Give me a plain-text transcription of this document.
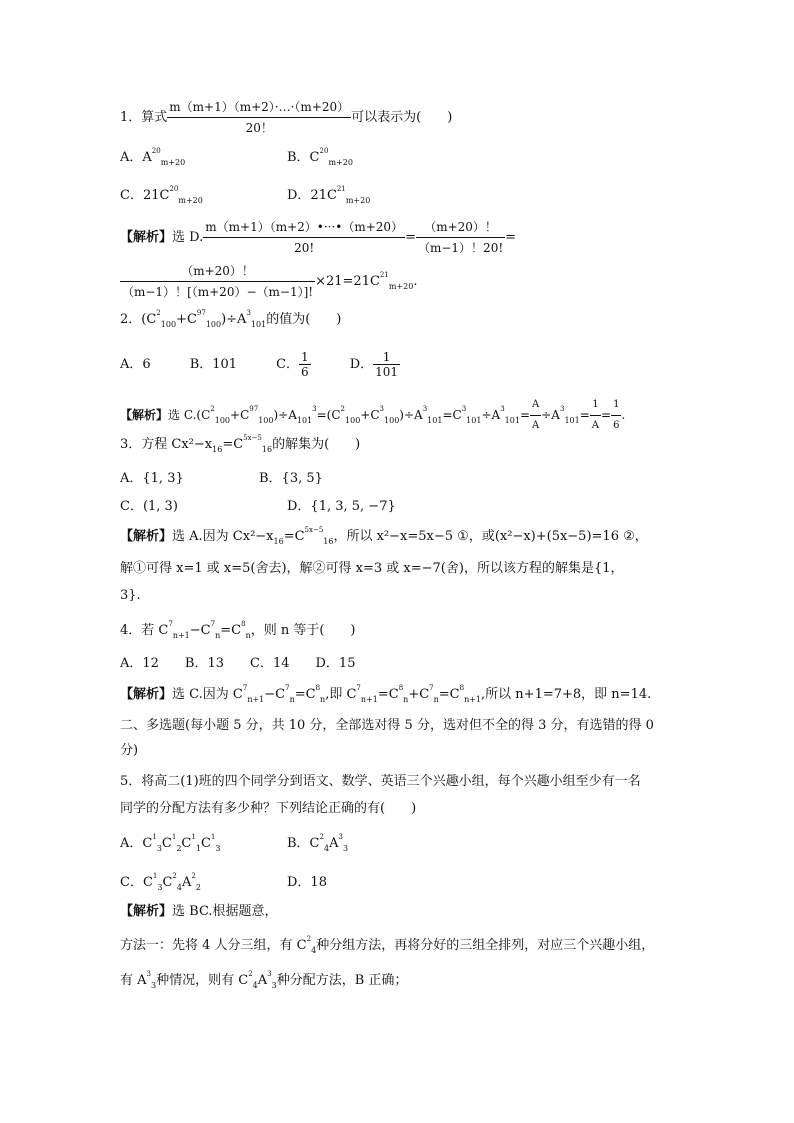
1．算式 $\frac{m(m+1)(m+2)\cdot\dots\cdot(m+20)}{20!}$ 可以表示为(　　)
A．$A^{20}_{m+20}$	B．$C^{20}_{m+20}$
C．$21C^{20}_{m+20}$	D．$21C^{21}_{m+20}$
【解析】选 D. $\frac{m(m+1)(m+2)•\cdot\cdot\cdot•(m+20)}{20!} = \frac{(m+20)!}{(m-1)!20!}$ =
$\frac{(m+20)!}{(m-1)![(m+20)-(m-1)]!} \times 21=21C^{21}_{m+20}$.
2．$(C^2_{100}+C^{97}_{100})\div A^3_{101}$的值为(　　)
A．6　　　	B．101　　　	C． $\frac{1}{6}$
　　　	D． $\frac{1}{101}$
【解析】选 $C.(C^2_{100}+C^{97}_{100})\div A_{101}^3=(C^2_{100}+C^3_{100})\div A^3_{101}=C^3_{101}\div A^3_{101}= \frac{A}{A} \div A^3_{101}= \frac{1}{A} = \frac{1}{6}$ .
3．方程 $Cx^2-x_{16}=C^{5x-5}_{16}$的解集为(　　)
A．{1, 3}	B．{3, 5}
C．(1, 3)	D．{1, 3, 5, −7}
【解析】选 A.因为 $Cx^2-x_{16}=C^{5x-5}_{16}$，所以 x²−x=5x−5 ①，或(x²−x)+(5x−5)=16 ②，
解①可得 x=1 或 x=5(舍去)，解②可得 x=3 或 x=−7(舍)，所以该方程的解集是{1，
3}.
4．若 $C^7_{n+1}-C^7_n=C^8_n$，则 n 等于(　　)
A．12　　B．13　　C．14　　D．15
【解析】选 C.因为 $C^7_{n+1}-C^7_n=C^8_n$,即 $C^7_{n+1}=C^8_n+C^7_n=C^8_{n+1}$,所以 n+1=7+8，即 n=14.
二、多选题(每小题 5 分，共 10 分，全部选对得 5 分，选对但不全的得 3 分，有选错的得 0
分)
5．将高二(1)班的四个同学分到语文、数学、英语三个兴趣小组，每个兴趣小组至少有一名
同学的分配方法有多少种？下列结论正确的有(　　)
A．$C^1_3C^1_2C^1_1C^1_3$	B．$C^2_4A^3_3$
C．$C^1_3C^2_4A^2_2$	D．18
【解析】选 BC.根据题意，
方法一：先将 4 人分三组，有 $C^2_4$种分组方法，再将分好的三组全排列，对应三个兴趣小组，
有 $A^3_3$种情况，则有 $C^2_4A^3_3$种分配方法，B 正确；
